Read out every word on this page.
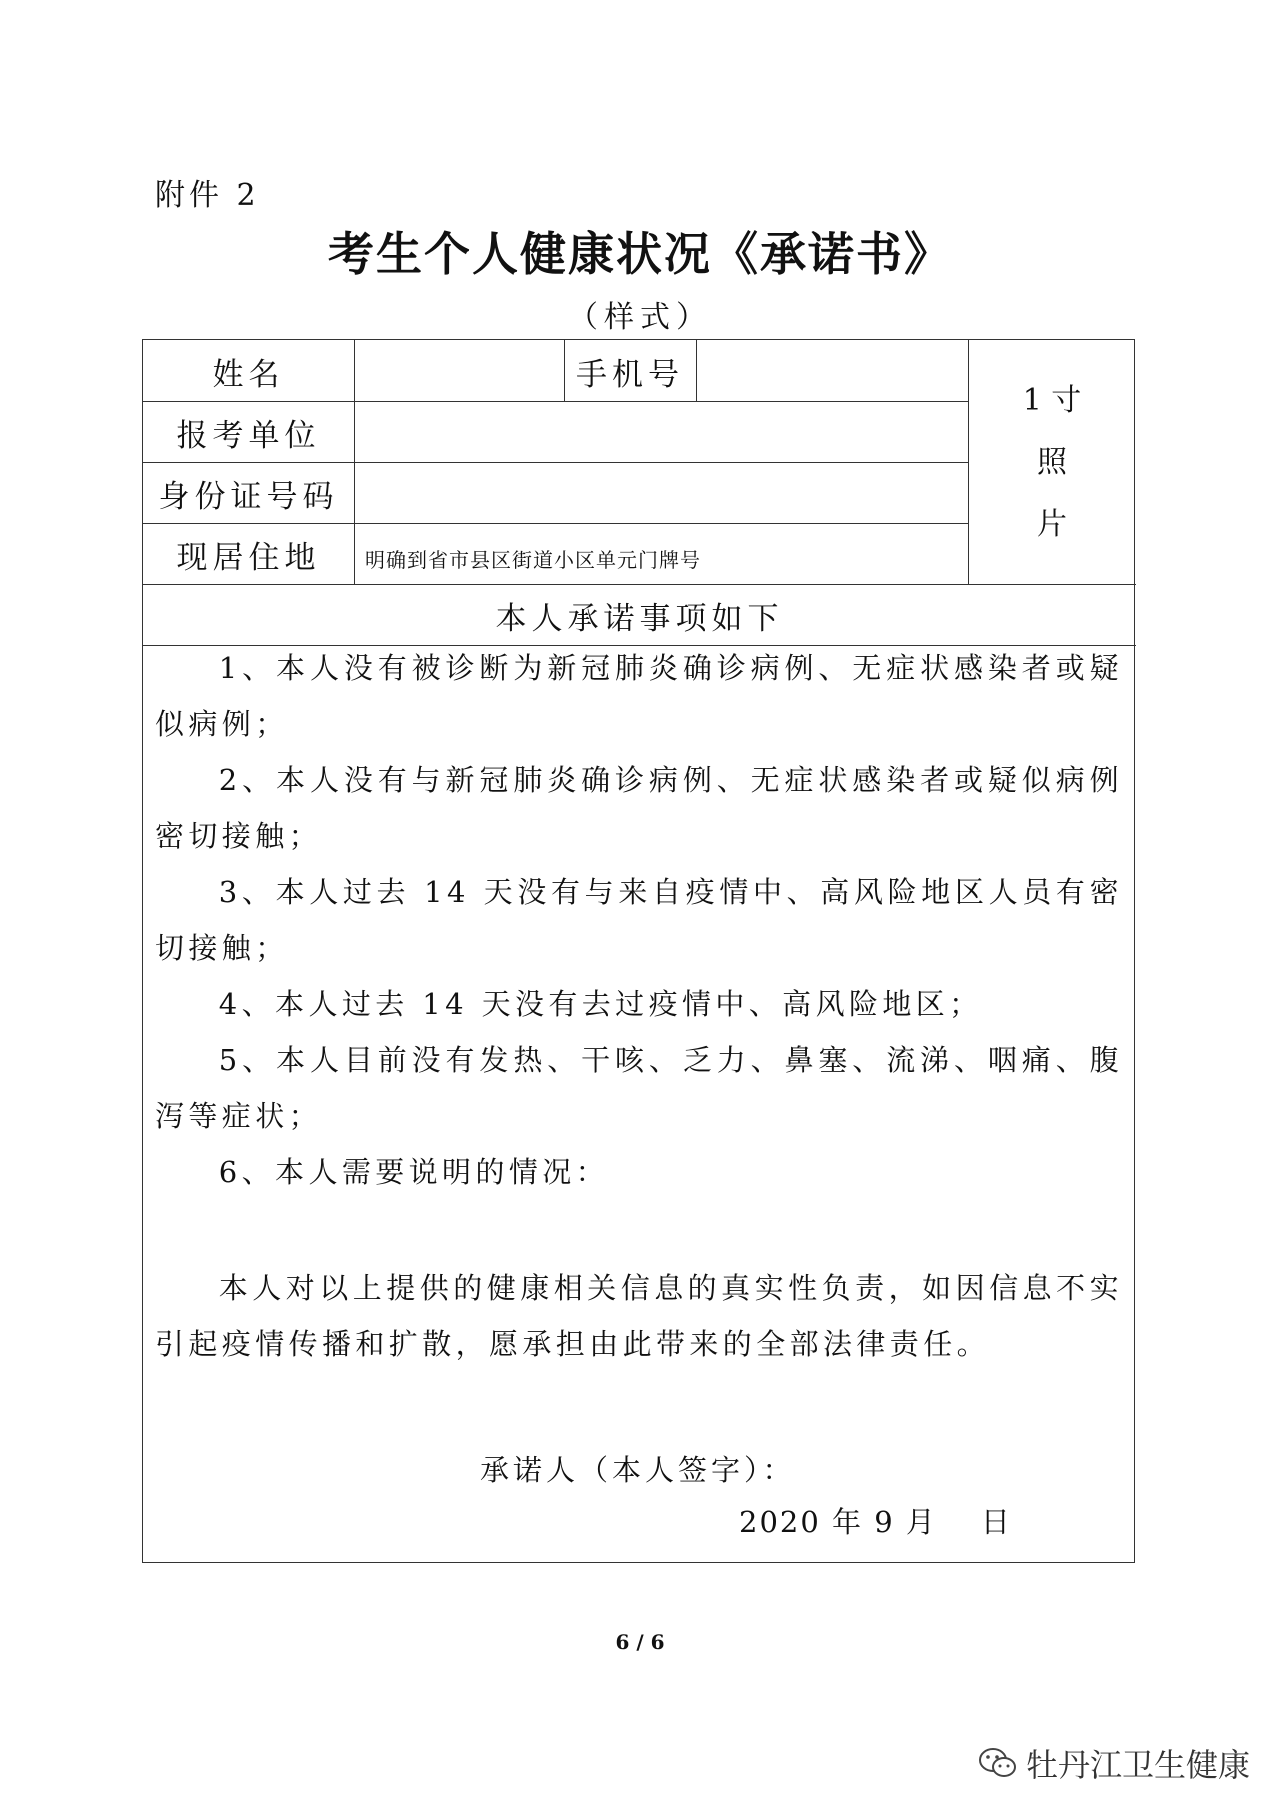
附件 2
考生个人健康状况《承诺书》
（样式）
姓名	手机号
报考单位
身份证号码
现居住地	明确到省市县区街道小区单元门牌号
1 寸
照
片
本人承诺事项如下

1、本人没有被诊断为新冠肺炎确诊病例、无症状感染者或疑似病例；

2、本人没有与新冠肺炎确诊病例、无症状感染者或疑似病例密切接触；

3、本人过去 14 天没有与来自疫情中、高风险地区人员有密切接触；

4、本人过去 14 天没有去过疫情中、高风险地区；

5、本人目前没有发热、干咳、乏力、鼻塞、流涕、咽痛、腹泻等症状；

6、本人需要说明的情况：

本人对以上提供的健康相关信息的真实性负责，如因信息不实引起疫情传播和扩散，愿承担由此带来的全部法律责任。

承诺人（本人签字）：
2020 年 9 月 日
6 / 6
牡丹江卫生健康
